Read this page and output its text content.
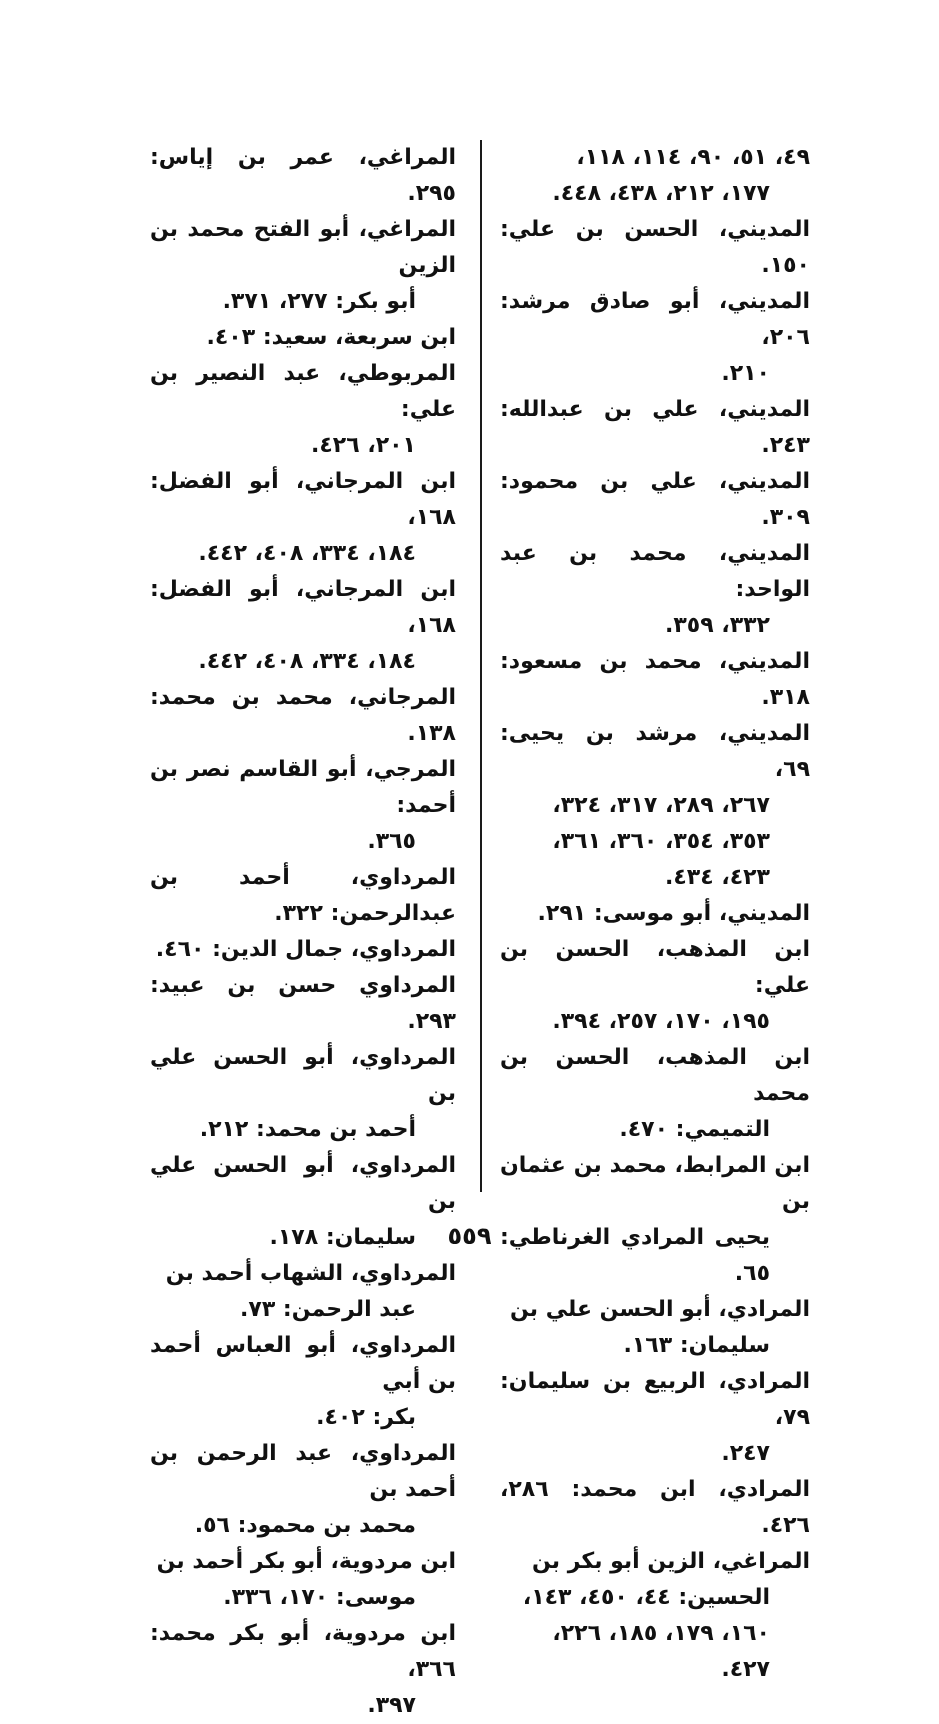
٤٩، ٥١، ٩٠، ١١٤، ١١٨،
١٧٧، ٢١٢، ٤٣٨، ٤٤٨.
المديني، الحسن بن علي: ١٥٠.
المديني، أبو صادق مرشد: ٢٠٦،
٢١٠.
المديني، علي بن عبدالله: ٢٤٣.
المديني، علي بن محمود: ٣٠٩.
المديني، محمد بن عبد الواحد:
٣٣٢، ٣٥٩.
المديني، محمد بن مسعود: ٣١٨.
المديني، مرشد بن يحيى: ٦٩،
٢٦٧، ٢٨٩، ٣١٧، ٣٢٤،
٣٥٣، ٣٥٤، ٣٦٠، ٣٦١،
٤٢٣، ٤٣٤.
المديني، أبو موسى: ٢٩١.
ابن المذهب، الحسن بن علي:
١٩٥، ١٧٠، ٢٥٧، ٣٩٤.
ابن المذهب، الحسن بن محمد
التميمي: ٤٧٠.
ابن المرابط، محمد بن عثمان بن
يحيى المرادي الغرناطي: ٦٥.
المرادي، أبو الحسن علي بن
سليمان: ١٦٣.
المرادي، الربيع بن سليمان: ٧٩،
٢٤٧.
المرادي، ابن محمد: ٢٨٦، ٤٢٦.
المراغي، الزين أبو بكر بن
الحسين: ٤٤، ٤٥٠، ١٤٣،
١٦٠، ١٧٩، ١٨٥، ٢٢٦،
٤٢٧.
المراغي، عمر بن إياس: ٢٩٥.
المراغي، أبو الفتح محمد بن الزين
أبو بكر: ٢٧٧، ٣٧١.
ابن سربعة، سعيد: ٤٠٣.
المربوطي، عبد النصير بن علي:
٢٠١، ٤٢٦.
ابن المرجاني، أبو الفضل: ١٦٨،
١٨٤، ٣٣٤، ٤٠٨، ٤٤٢.
ابن المرجاني، أبو الفضل: ١٦٨،
١٨٤، ٣٣٤، ٤٠٨، ٤٤٢.
المرجاني، محمد بن محمد: ١٣٨.
المرجي، أبو القاسم نصر بن أحمد:
٣٦٥.
المرداوي، أحمد بن عبدالرحمن: ٣٢٢.
المرداوي، جمال الدين: ٤٦٠.
المرداوي حسن بن عبيد: ٢٩٣.
المرداوي، أبو الحسن علي بن
أحمد بن محمد: ٢١٢.
المرداوي، أبو الحسن علي بن
سليمان: ١٧٨.
المرداوي، الشهاب أحمد بن
عبد الرحمن: ٧٣.
المرداوي، أبو العباس أحمد بن أبي
بكر: ٤٠٢.
المرداوي، عبد الرحمن بن أحمد بن
محمد بن محمود: ٥٦.
ابن مردوية، أبو بكر أحمد بن
موسى: ١٧٠، ٣٣٦.
ابن مردوية، أبو بكر محمد: ٣٦٦،
٣٩٧.
٥٥٩
